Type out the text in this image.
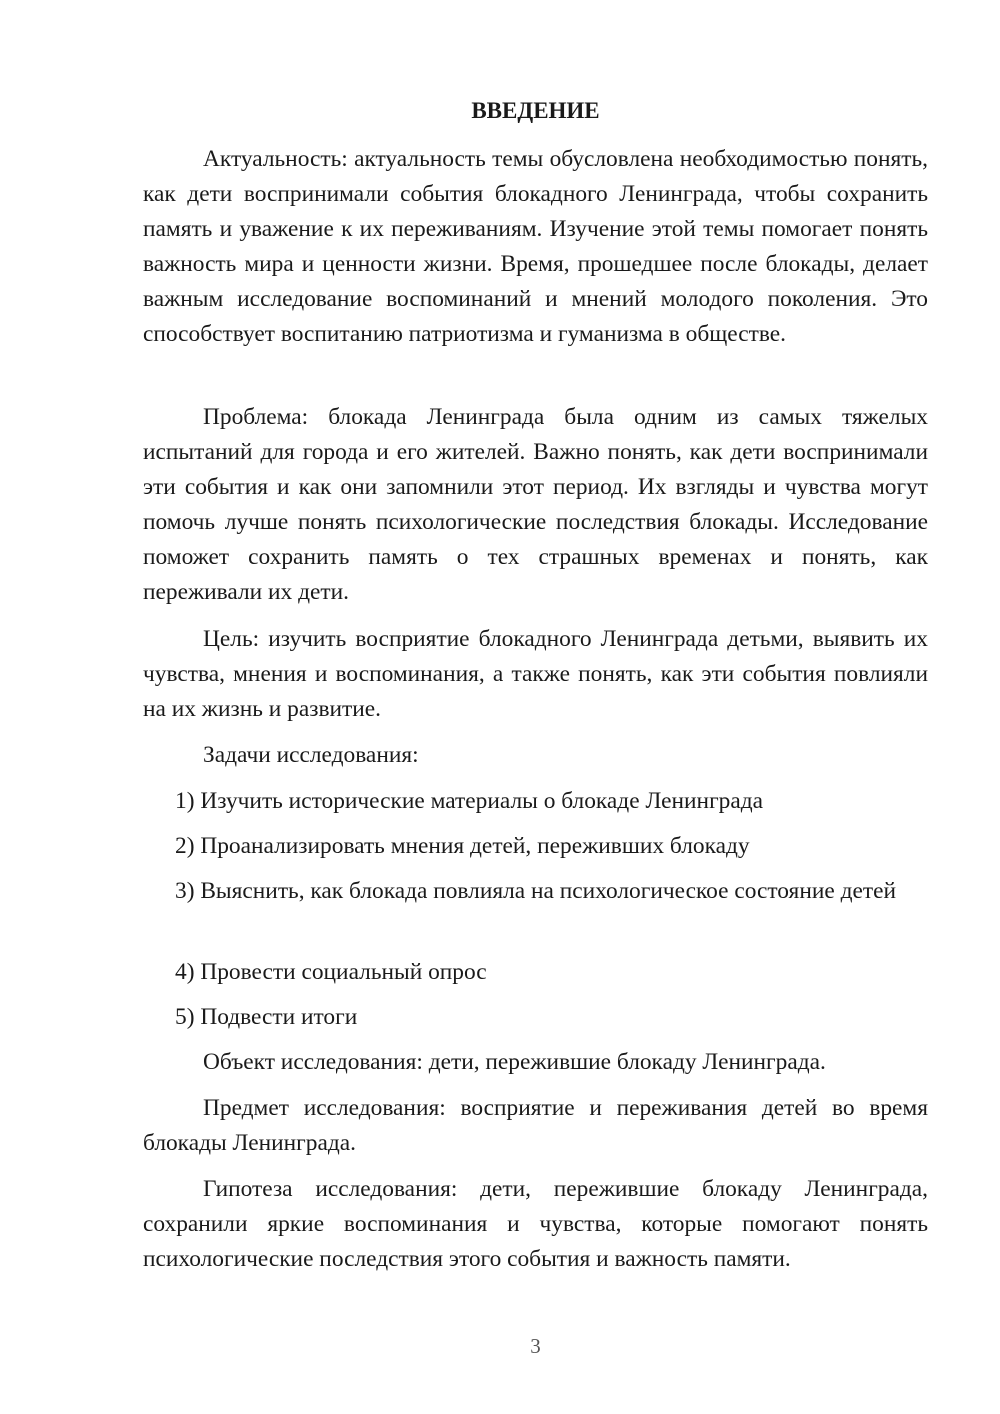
ВВЕДЕНИЕ

Актуальность: актуальность темы обусловлена необходимостью понять, как дети воспринимали события блокадного Ленинграда, чтобы сохранить память и уважение к их переживаниям. Изучение этой темы помогает понять важность мира и ценности жизни. Время, прошедшее после блокады, делает важным исследование воспоминаний и мнений молодого поколения. Это способствует воспитанию патриотизма и гуманизма в обществе.

Проблема: блокада Ленинграда была одним из самых тяжелых испытаний для города и его жителей. Важно понять, как дети воспринимали эти события и как они запомнили этот период. Их взгляды и чувства могут помочь лучше понять психологические последствия блокады. Исследование поможет сохранить память о тех страшных временах и понять, как переживали их дети.

Цель: изучить восприятие блокадного Ленинграда детьми, выявить их чувства, мнения и воспоминания, а также понять, как эти события повлияли на их жизнь и развитие.

Задачи исследования:

1) Изучить исторические материалы о блокаде Ленинграда

2) Проанализировать мнения детей, переживших блокаду

3) Выяснить, как блокада повлияла на психологическое состояние детей

4) Провести социальный опрос

5) Подвести итоги

Объект исследования: дети, пережившие блокаду Ленинграда.

Предмет исследования: восприятие и переживания детей во время блокады Ленинграда.

Гипотеза исследования: дети, пережившие блокаду Ленинграда, сохранили яркие воспоминания и чувства, которые помогают понять психологические последствия этого события и важность памяти.

3
